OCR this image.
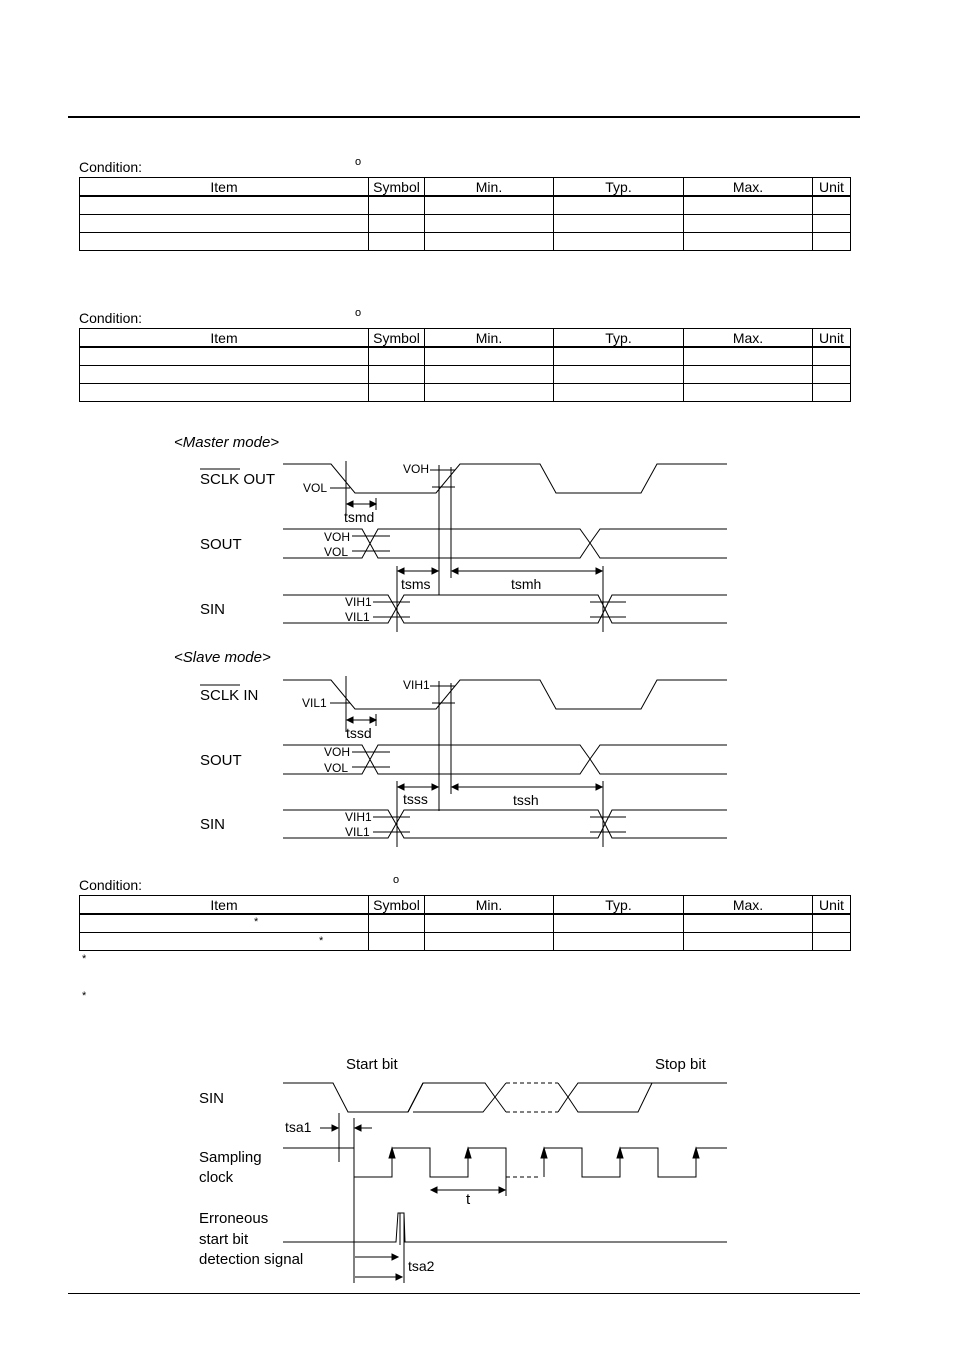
Condition:	o
Item	Symbol	Min.	Typ.	Max.	Unit

Condition:	o
Item	Symbol	Min.	Typ.	Max.	Unit

Condition:	o
Item	Symbol	Min.	Typ.	Max.	Unit

*
*
*
*
<Master mode>
SCLK OUT
SOUT
SIN
VOL
VOH
VOH
VOL
VIH1
VIL1
tsmd
tsms	tsmh
<Slave mode>
SCLK IN
SOUT
SIN
VIL1
VIH1
VOH
VOL
VIH1
VIL1
tssd
tsss	tssh
Start bit	Stop bit
SIN
Sampling
clock
Erroneous
start bit
detection signal
tsa1
tsa2
t
